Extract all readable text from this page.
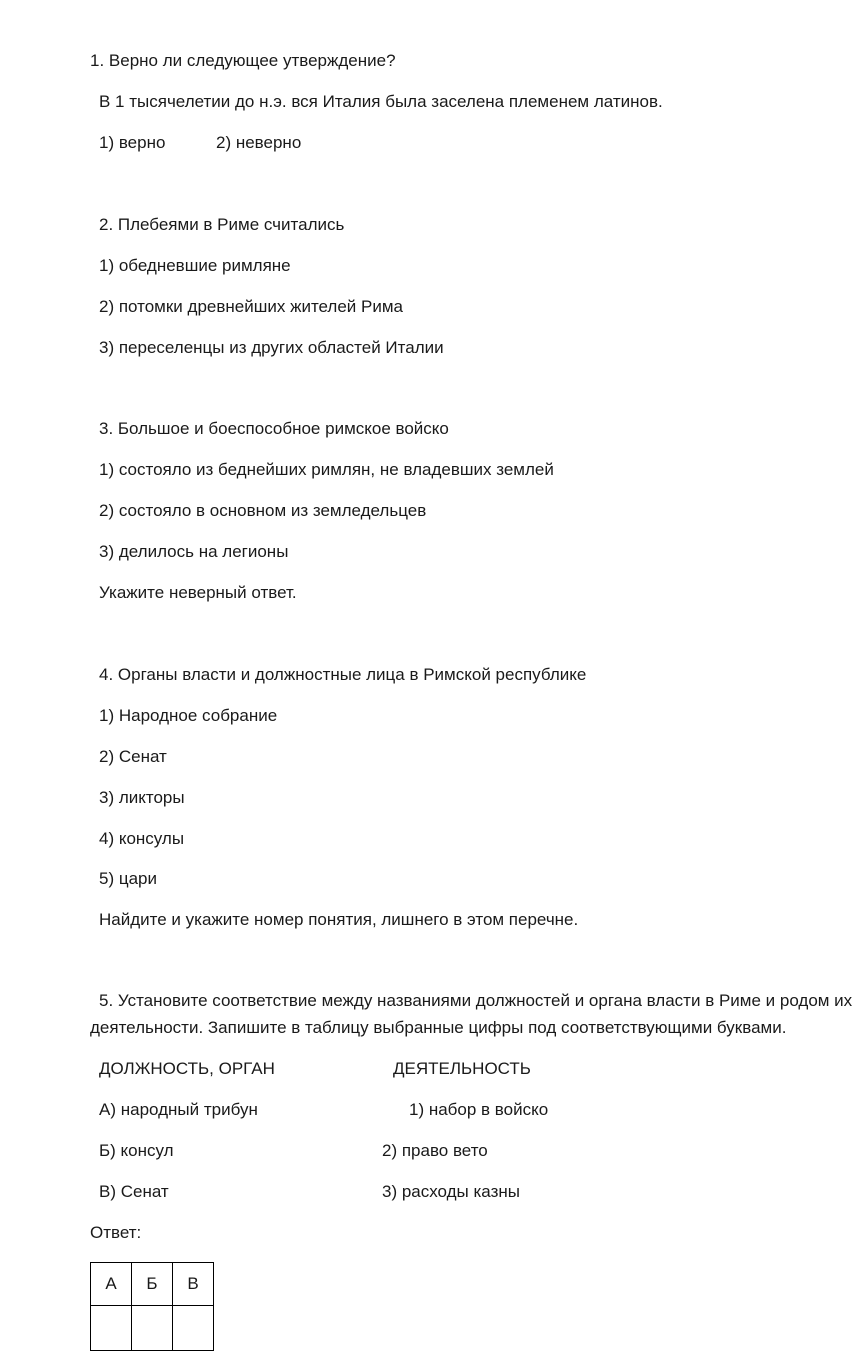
1. Верно ли следующее утверждение?
В 1 тысячелетии до н.э. вся Италия была заселена племенем латинов.
1) верно	2) неверно
2. Плебеями в Риме считались
1) обедневшие римляне
2) потомки древнейших жителей Рима
3) переселенцы из других областей Италии
3. Большое и боеспособное римское войско
1) состояло из беднейших римлян, не владевших землей
2) состояло в основном из земледельцев
3) делилось на легионы
Укажите неверный ответ.
4. Органы власти и должностные лица в Римской республике
1) Народное собрание
2) Сенат
3) ликторы
4) консулы
5) цари
Найдите и укажите номер понятия, лишнего в этом перечне.
5. Установите соответствие между названиями должностей и органа власти в Риме и родом их
деятельности. Запишите в таблицу выбранные цифры под соответствующими буквами.
ДОЛЖНОСТЬ, ОРГАН	ДЕЯТЕЛЬНОСТЬ
А) народный трибун	1) набор в войско
Б) консул	2) право вето
В) Сенат	3) расходы казны
Ответ:
А	Б	В
